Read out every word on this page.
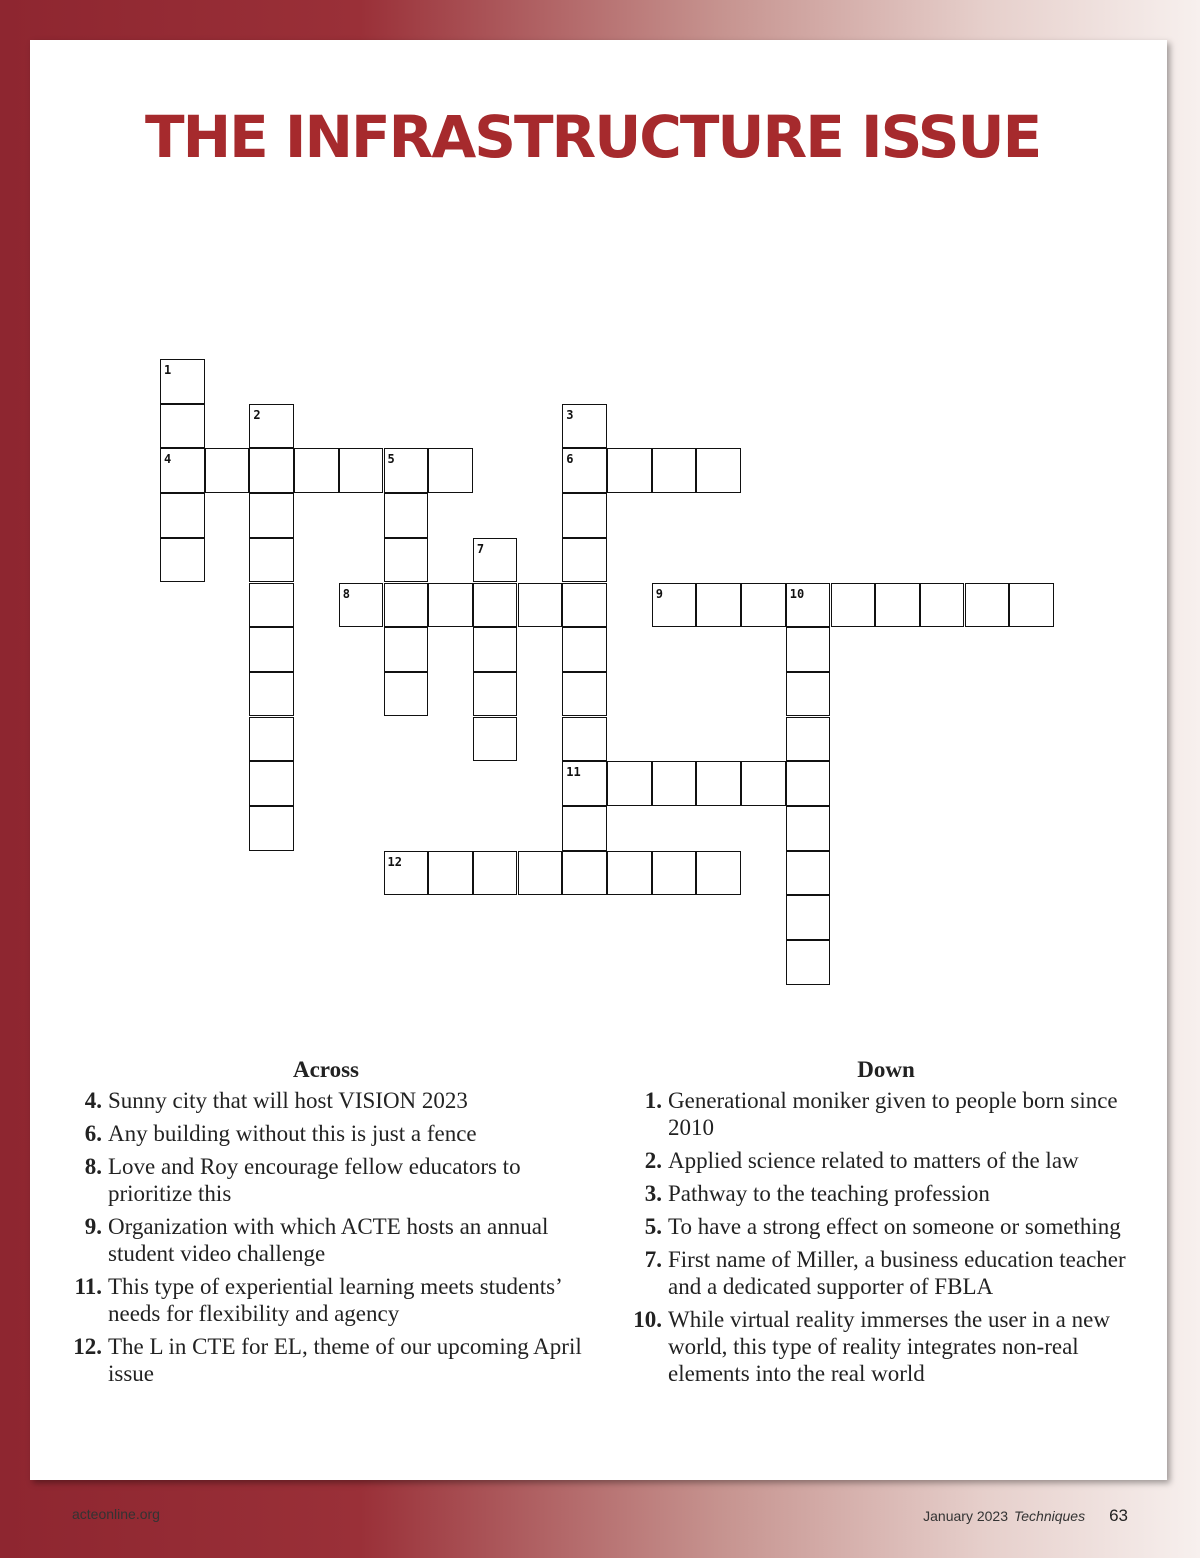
THE INFRASTRUCTURE ISSUE
1
4
2	3
6
11
5
7
8	9	10
12
Across
4. Sunny city that will host VISION 2023
6. Any building without this is just a fence
8. Love and Roy encourage fellow educators to prioritize this
9. Organization with which ACTE hosts an annual student video challenge
11. This type of experiential learning meets students’ needs for flexibility and agency
12. The L in CTE for EL, theme of our upcoming April issue
Down
1. Generational moniker given to people born since 2010
2. Applied science related to matters of the law
3. Pathway to the teaching profession
5. To have a strong effect on someone or something
7. First name of Miller, a business education teacher and a dedicated supporter of FBLA
10. While virtual reality immerses the user in a new world, this type of reality integrates non-real elements into the real world
acteonline.org	January 2023 Techniques 63
